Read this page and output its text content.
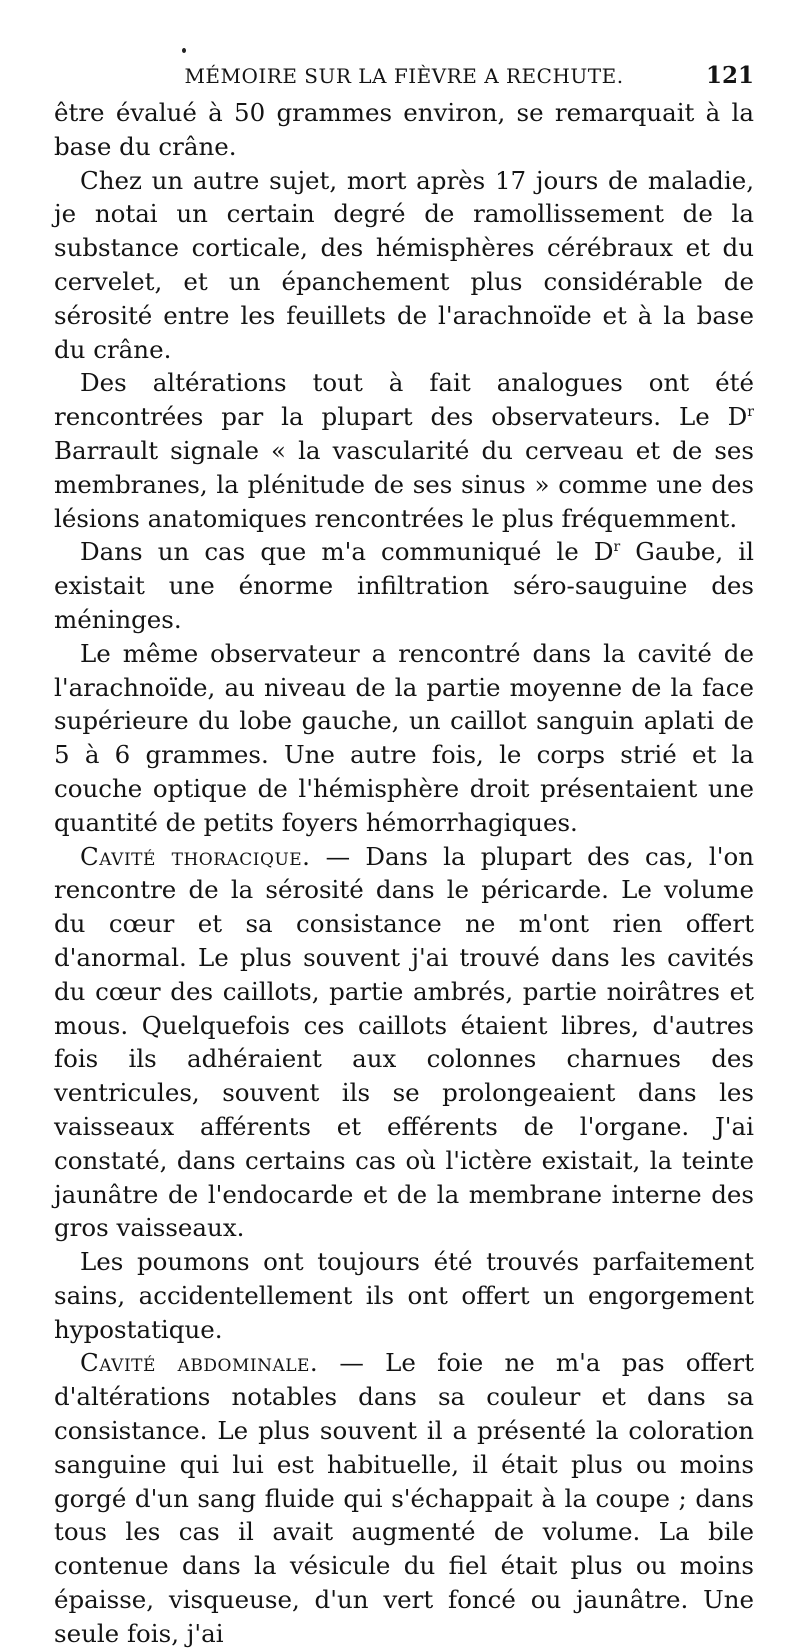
MÉMOIRE SUR LA FIÈVRE A RECHUTE.	121

être évalué à 50 grammes environ, se remarquait à la base du crâne.

Chez un autre sujet, mort après 17 jours de maladie, je notai un certain degré de ramollissement de la substance corticale, des hémisphères cérébraux et du cervelet, et un épanchement plus considérable de sérosité entre les feuillets de l'arachnoïde et à la base du crâne.

Des altérations tout à fait analogues ont été rencontrées par la plupart des observateurs. Le $D^r$ Barrault signale « la vascularité du cerveau et de ses membranes, la plénitude de ses sinus » comme une des lésions anatomiques rencontrées le plus fréquemment.

Dans un cas que m'a communiqué le $D^r$ Gaube, il existait une énorme infiltration séro-sauguine des méninges.

Le même observateur a rencontré dans la cavité de l'arachnoïde, au niveau de la partie moyenne de la face supérieure du lobe gauche, un caillot sanguin aplati de 5 à 6 grammes. Une autre fois, le corps strié et la couche optique de l'hémisphère droit présentaient une quantité de petits foyers hémorrhagiques.

Cavité thoracique. — Dans la plupart des cas, l'on rencontre de la sérosité dans le péricarde. Le volume du cœur et sa consistance ne m'ont rien offert d'anormal. Le plus souvent j'ai trouvé dans les cavités du cœur des caillots, partie ambrés, partie noirâtres et mous. Quelquefois ces caillots étaient libres, d'autres fois ils adhéraient aux colonnes charnues des ventricules, souvent ils se prolongeaient dans les vaisseaux afférents et efférents de l'organe. J'ai constaté, dans certains cas où l'ictère existait, la teinte jaunâtre de l'endocarde et de la membrane interne des gros vaisseaux.

Les poumons ont toujours été trouvés parfaitement sains, accidentellement ils ont offert un engorgement hypostatique.

Cavité abdominale. — Le foie ne m'a pas offert d'altérations notables dans sa couleur et dans sa consistance. Le plus souvent il a présenté la coloration sanguine qui lui est habituelle, il était plus ou moins gorgé d'un sang fluide qui s'échappait à la coupe ; dans tous les cas il avait augmenté de volume. La bile contenue dans la vésicule du fiel était plus ou moins épaisse, visqueuse, d'un vert foncé ou jaunâtre. Une seule fois, j'ai
